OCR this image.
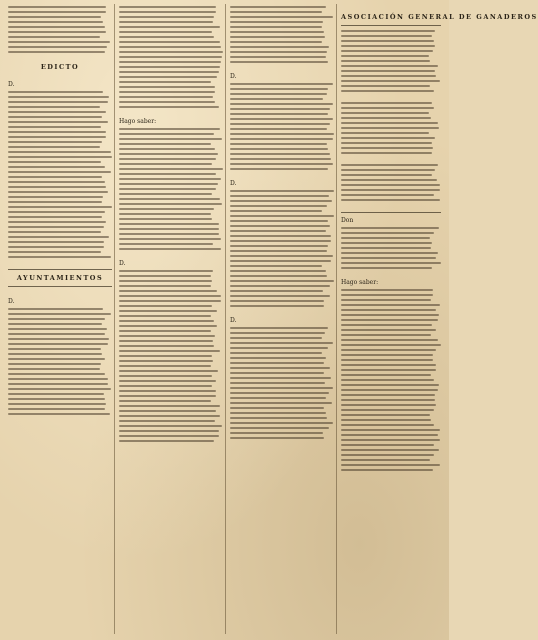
EDICTO
D.
AYUNTAMIENTOS
D.
Hago saber:
D.
D.
D.
D.
ASOCIACIÓN GENERAL DE GANADEROS
Don
Hago saber:
